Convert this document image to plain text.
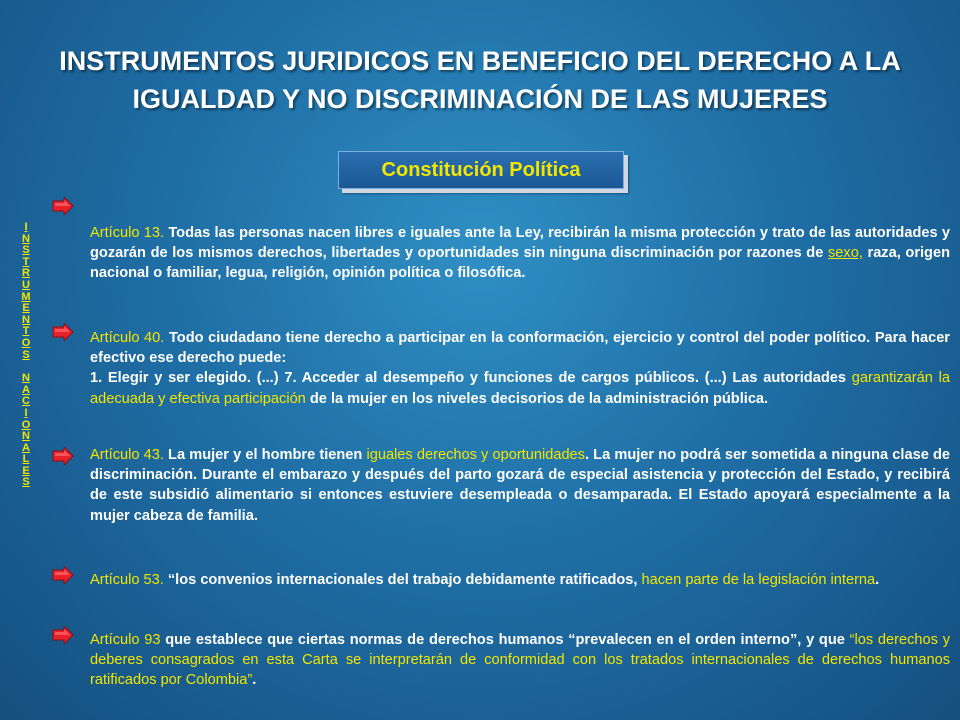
INSTRUMENTOS JURIDICOS EN BENEFICIO DEL DERECHO A LA
IGUALDAD Y NO DISCRIMINACIÓN DE LAS MUJERES
Constitución Política
I
N
S
T
R
U
M
E
N
T
O
S
N
A
C
I
O
N
A
L
E
S
Artículo 13. Todas las personas nacen libres e iguales ante la Ley, recibirán la misma protección y trato de las autoridades y gozarán de los mismos derechos, libertades y oportunidades sin ninguna discriminación por razones de sexo, raza, origen nacional o familiar, legua, religión, opinión política o filosófica.
Artículo 40. Todo ciudadano tiene derecho a participar en la conformación, ejercicio y control del poder político. Para hacer efectivo ese derecho puede:
1. Elegir y ser elegido. (...) 7. Acceder al desempeño y funciones de cargos públicos. (...) Las autoridades garantizarán la adecuada y efectiva participación de la mujer en los niveles decisorios de la administración pública.
Artículo 43. La mujer y el hombre tienen iguales derechos y oportunidades. La mujer no podrá ser sometida a ninguna clase de discriminación. Durante el embarazo y después del parto gozará de especial asistencia y protección del Estado, y recibirá de este subsidió alimentario si entonces estuviere desempleada o desamparada. El Estado apoyará especialmente a la mujer cabeza de familia.
Artículo 53. “los convenios internacionales del trabajo debidamente ratificados, hacen parte de la legislación interna.
Artículo 93 que establece que ciertas normas de derechos humanos “prevalecen en el orden interno”, y que “los derechos y deberes consagrados en esta Carta se interpretarán de conformidad con los tratados internacionales de derechos humanos ratificados por Colombia”.
